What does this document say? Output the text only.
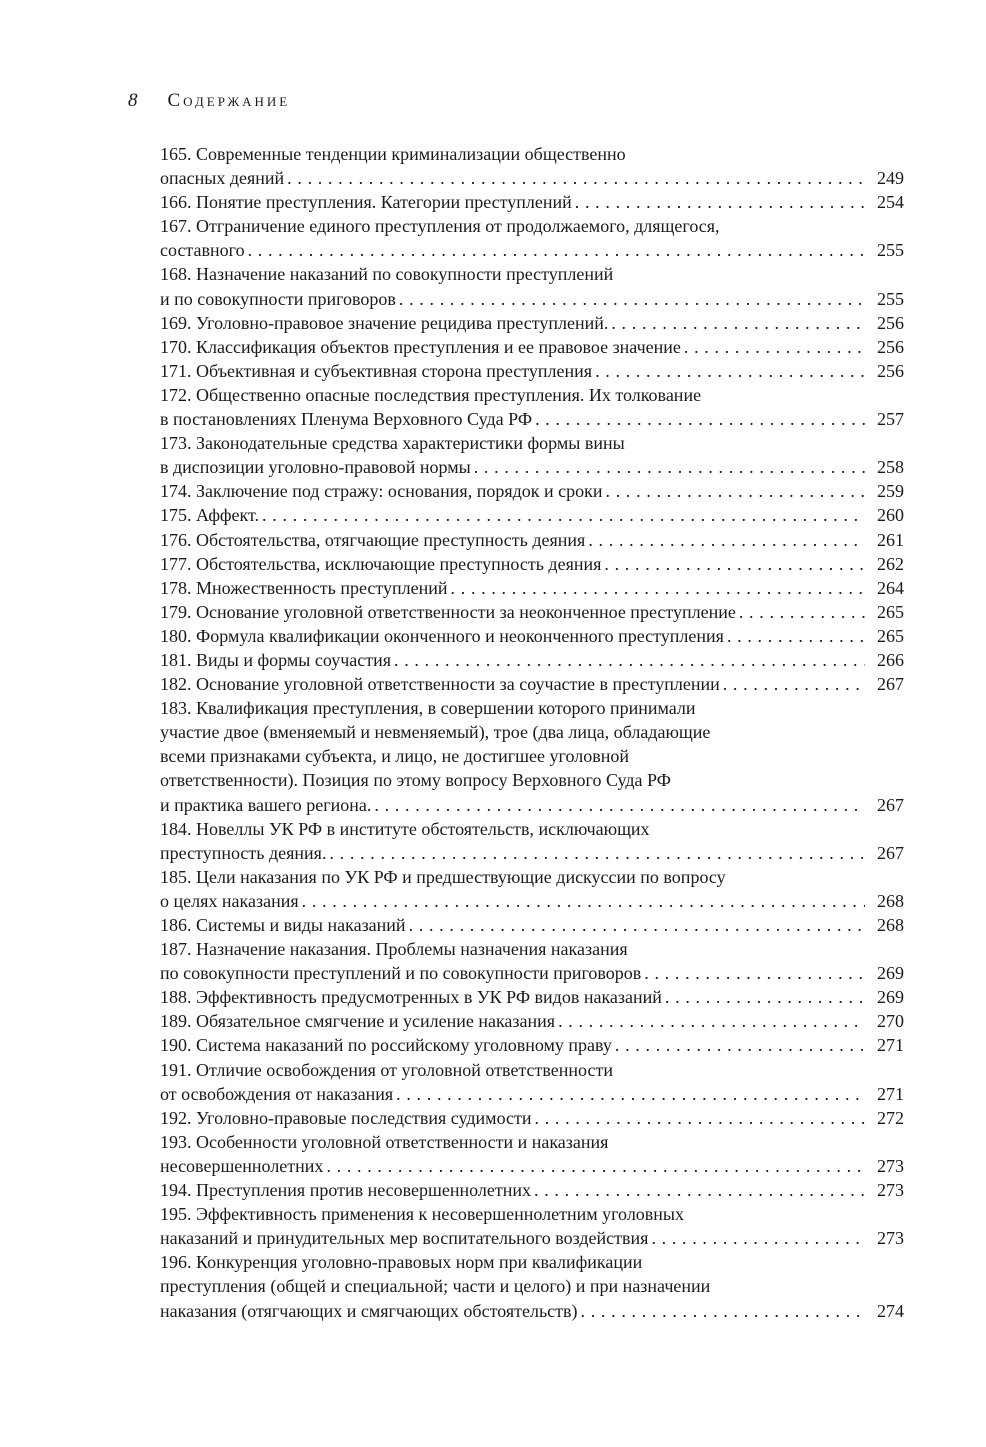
8 Содержание
165. Современные тенденции криминализации общественно
опасных деяний . . .	249
166. Понятие преступления. Категории преступлений . . .	254
167. Отграничение единого преступления от продолжаемого, длящегося,
составного . . .	255
168. Назначение наказаний по совокупности преступлений
и по совокупности приговоров . . .	255
169. Уголовно-правовое значение рецидива преступлений. . . .	256
170. Классификация объектов преступления и ее правовое значение . . .	256
171. Объективная и субъективная сторона преступления . . .	256
172. Общественно опасные последствия преступления. Их толкование
в постановлениях Пленума Верховного Суда РФ . . .	257
173. Законодательные средства характеристики формы вины
в диспозиции уголовно-правовой нормы . . .	258
174. Заключение под стражу: основания, порядок и сроки . . .	259
175. Аффект. . . .	260
176. Обстоятельства, отягчающие преступность деяния . . .	261
177. Обстоятельства, исключающие преступность деяния . . .	262
178. Множественность преступлений . . .	264
179. Основание уголовной ответственности за неоконченное преступление . . .	265
180. Формула квалификации оконченного и неоконченного преступления . . .	265
181. Виды и формы соучастия . . .	266
182. Основание уголовной ответственности за соучастие в преступлении . . .	267
183. Квалификация преступления, в совершении которого принимали
участие двое (вменяемый и невменяемый), трое (два лица, обладающие
всеми признаками субъекта, и лицо, не достигшее уголовной
ответственности). Позиция по этому вопросу Верховного Суда РФ
и практика вашего региона. . . .	267
184. Новеллы УК РФ в институте обстоятельств, исключающих
преступность деяния. . . .	267
185. Цели наказания по УК РФ и предшествующие дискуссии по вопросу
о целях наказания . . .	268
186. Системы и виды наказаний . . .	268
187. Назначение наказания. Проблемы назначения наказания
по совокупности преступлений и по совокупности приговоров . . .	269
188. Эффективность предусмотренных в УК РФ видов наказаний . . .	269
189. Обязательное смягчение и усиление наказания . . .	270
190. Система наказаний по российскому уголовному праву . . .	271
191. Отличие освобождения от уголовной ответственности
от освобождения от наказания . . .	271
192. Уголовно-правовые последствия судимости . . .	272
193. Особенности уголовной ответственности и наказания
несовершеннолетних . . .	273
194. Преступления против несовершеннолетних . . .	273
195. Эффективность применения к несовершеннолетним уголовных
наказаний и принудительных мер воспитательного воздействия . . .	273
196. Конкуренция уголовно-правовых норм при квалификации
преступления (общей и специальной; части и целого) и при назначении
наказания (отягчающих и смягчающих обстоятельств) . . .	274
